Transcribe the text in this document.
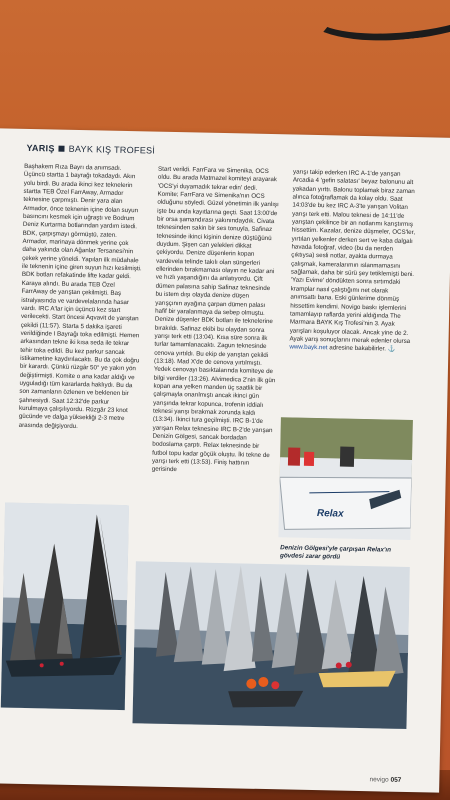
YARIŞ BAYK KIŞ TROFESİ
Başhakem Rıza Bayrı da anımsadı. Üçüncü startta 1 bayrağı tokadaydı. Akın yolu birdi. Bu arada ikinci kez teknelerin startta TEB Özel FarrAway, Armador teknesine çarpmıştı. Denir yara alan Armador, önce teknenin içine dolan suyun basıncını kesmek için uğraştı ve Bodrum Deniz Kurtarma botlarından yardım istedi. BDK, çarpışmayı görmüştü, zaten. Armador, marinaya dönmek yerine çok daha yakında olan Ağanlar Tersanesi'nin çekek yerine yöneldi. Yapılan ilk müdahale ile teknenin içine giren suyun hızı kesilmişti. BDK botları refakatinde lifte kadar geldi. Karaya alındı. Bu arada TEB Özel FarrAway de yarıştan çekilmişti. Baş istralyasında ve vardevelalarında hasar vardı. IRC A'lar için üçüncü kez start verilecekti. Start öncesi Aqvavit de yarıştan çekildi (11:57). Starta 5 dakika işareti verildiğinde I Bayrağı toka edilmişti. Hemen arkasından tekne iki kısa seda ile tekrar tehir toka edildi. Bu kez parkur sancak istikametine kaydırılacaktı. Bu da çok doğru bir karardı. Çünkü rüzgâr 50° ye yakın yön değiştirmişti. Komite o ana kadar aldığı ve uyguladığı tüm kararlarda haklıydı. Bu da son zamanların özlenen ve beklenen bir şahnesiydi. Saat 12:32'de parkur kurulmaya çalışılıyordu. Rüzgâr 23 knot gücünde ve dalga yüksekliği 2-3 metre arasında değişiyordu.
Start verildi. FarrFara ve Simenika, OCS oldu. Bu arada Matmazel komiteyi arayarak 'OCS'yi duyamadık tekrar edin' dedi. Komite; FarrFara ve Simenika'nın OCS olduğunu söyledi. Güzel yönetimin ilk yanlışı işte bu anda kayıtlarına geçti. Saat 13:00'de bir orsa şamandırası yakınındaydık. Civata teknesinden sakin bir ses tonuyla, Safinaz teknesinde ikinci kişinin denize düştüğünü duydum. Şişen can yelekleri dikkat çekiyordu. Denize düşenlerin kopan vardevela telinde takılı olan süngerleri ellerinden bırakmaması olayın ne kadar ani ve hızlı yaşandığını da anlatıyordu. Çift dümen palasına sahip Safinaz teknesinde bu istem dışı olayda denize düşen yarışçının ayağına çarpan dümen palası hafif bir yaralanmaya da sebep olmuştu. Denize düşenler BDK botları ile teknelerine bırakıldı. Safinaz ekibi bu olaydan sonra yarışı terk etti (13:04). Kısa süre sonra ilk turlar tamamlanacaktı. Zagun teknesinde cenova yırtıldı. Bu ekip de yarıştan çekildi (13:18). Mad X'de de cenova yırtılmıştı. Yedek cenovayı basıktalarında komiteye de bilgi verdiler (13:26). Alvimedica 2'nin ilk gün kopan ana yelken manden üç saatlik bir çalışmayla onarılmıştı ancak ikinci gün yarışında tekrar kopunca, trofenin iddialı teknesi yarışı bırakmak zorunda kaldı (13:34). İkinci tura geçilmişti. IRC B-1'de yarışan Relax teknesine IRC B-2'de yarışan Denizin Gölgesi, sancak bordadan bodoslama çarptı. Relax teknesinde bir futbol topu kadar göçük oluştu. İki tekne de yarışı terk etti (13:53). Finiş hattının gerisinde
yarışı takip ederken IRC A-1'de yarışan Arcadia 4 'gefin salatası' beyaz balonunu alt yakadan yırttı. Balonu toplamak biraz zaman alınca fotoğraflamak da kolay oldu. Saat 14:03'de bu kez IRC A-3'te yarışan Volitan yarışı terk etti. Malou teknesi de 14:11'de yarıştan çekilince bir an notlarımı karıştırmış hissettim. Kazalar, denize düşmeler, OCS'ler, yırtılan yelkenler derken sert ve kaba dalgalı havada fotoğraf, video (bu da nerden çıktıysa) sesli notlar, ayakta durmaya çalışmak, kameralarımın ıslanmamasını sağlamak, daha bir sürü şey tetiklemişti beni. 'Yazı Evime' döndükten sonra sırtımdaki kramplar nasıl çalıştığımı net olarak anımsattı bana. Eski günlerime dönmüş hissettim kendimi. Novigo baskı işlemlerini tamamlayıp raflarda yerini aldığında The Marmara BAYK Kış Trofesi'nin 3. Ayak yarışları koşuluyor olacak. Ancak yine de 2. Ayak yarış sonuçlarını merak edenler olursa www.bayk.net adresine bakabilirler. ⚓
Relax
Denizin Gölgesi'yle çarpışan Relax'ın gövdesi zarar gördü
nevigo 057
